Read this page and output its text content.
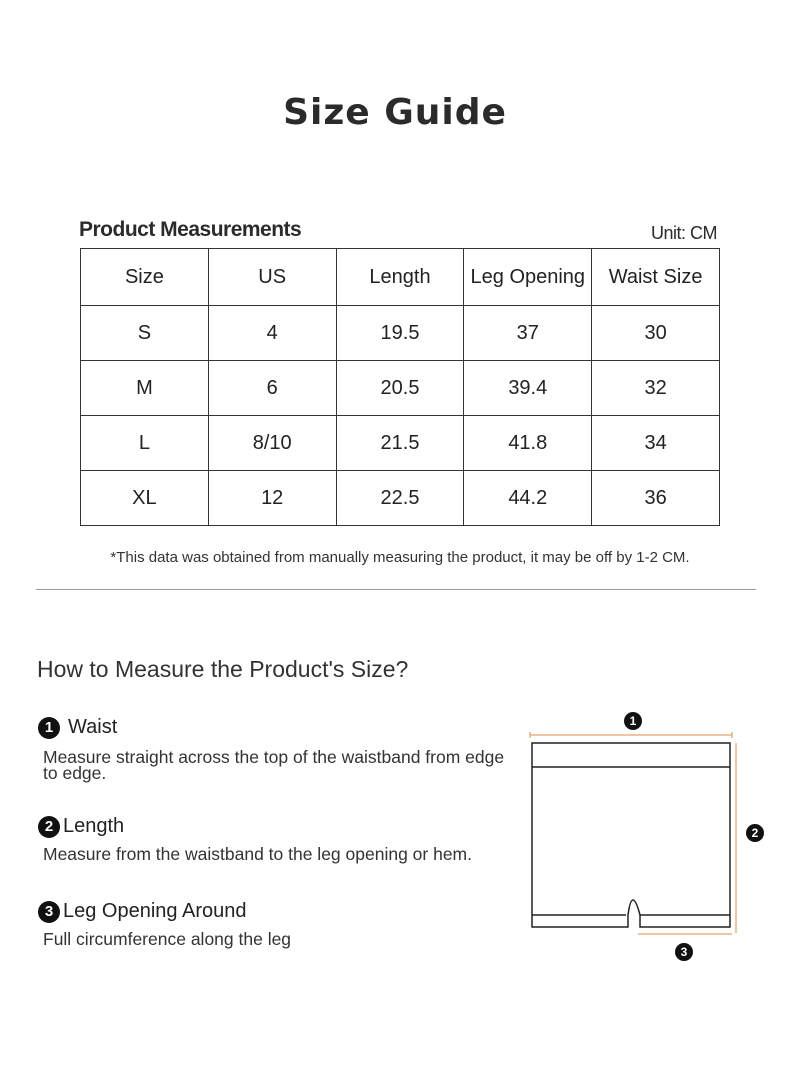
Size Guide
Product Measurements	Unit: CM
Size	US	Length	Leg Opening	Waist Size
S	4	19.5	37	30
M	6	20.5	39.4	32
L	8/10	21.5	41.8	34
XL	12	22.5	44.2	36
*This data was obtained from manually measuring the product, it may be off by 1-2 CM.
How to Measure the Product's Size?
1 Waist
Measure straight across the top of the waistband from edge to edge.
2 Length
Measure from the waistband to the leg opening or hem.
3 Leg Opening Around
Full circumference along the leg
1
2
3
